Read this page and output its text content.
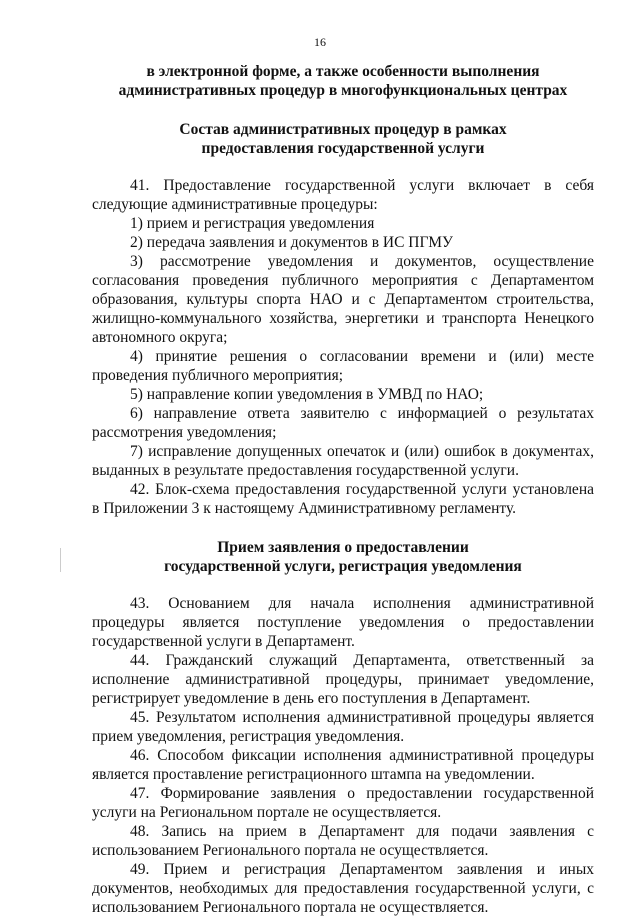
16

в электронной форме, а также особенности выполнения
административных процедур в многофункциональных центрах

Состав административных процедур в рамках
предоставления государственной услуги

41. Предоставление государственной услуги включает в себя следующие административные процедуры:

1) прием и регистрация уведомления

2) передача заявления и документов в ИС ПГМУ

3) рассмотрение уведомления и документов, осуществление согласования проведения публичного мероприятия с Департаментом образования, культуры спорта НАО и с Департаментом строительства, жилищно-коммунального хозяйства, энергетики и транспорта Ненецкого автономного округа;

4) принятие решения о согласовании времени и (или) месте проведения публичного мероприятия;

5) направление копии уведомления в УМВД по НАО;

6) направление ответа заявителю с информацией о результатах рассмотрения уведомления;

7) исправление допущенных опечаток и (или) ошибок в документах, выданных в результате предоставления государственной услуги.

42. Блок-схема предоставления государственной услуги установлена в Приложении 3 к настоящему Административному регламенту.

Прием заявления о предоставлении
государственной услуги, регистрация уведомления

43. Основанием для начала исполнения административной процедуры является поступление уведомления о предоставлении государственной услуги в Департамент.

44. Гражданский служащий Департамента, ответственный за исполнение административной процедуры, принимает уведомление, регистрирует уведомление в день его поступления в Департамент.

45. Результатом исполнения административной процедуры является прием уведомления, регистрация уведомления.

46. Способом фиксации исполнения административной процедуры является проставление регистрационного штампа на уведомлении.

47. Формирование заявления о предоставлении государственной услуги на Региональном портале не осуществляется.

48. Запись на прием в Департамент для подачи заявления с использованием Регионального портала не осуществляется.

49. Прием и регистрация Департаментом заявления и иных документов, необходимых для предоставления государственной услуги, с использованием Регионального портала не осуществляется.
